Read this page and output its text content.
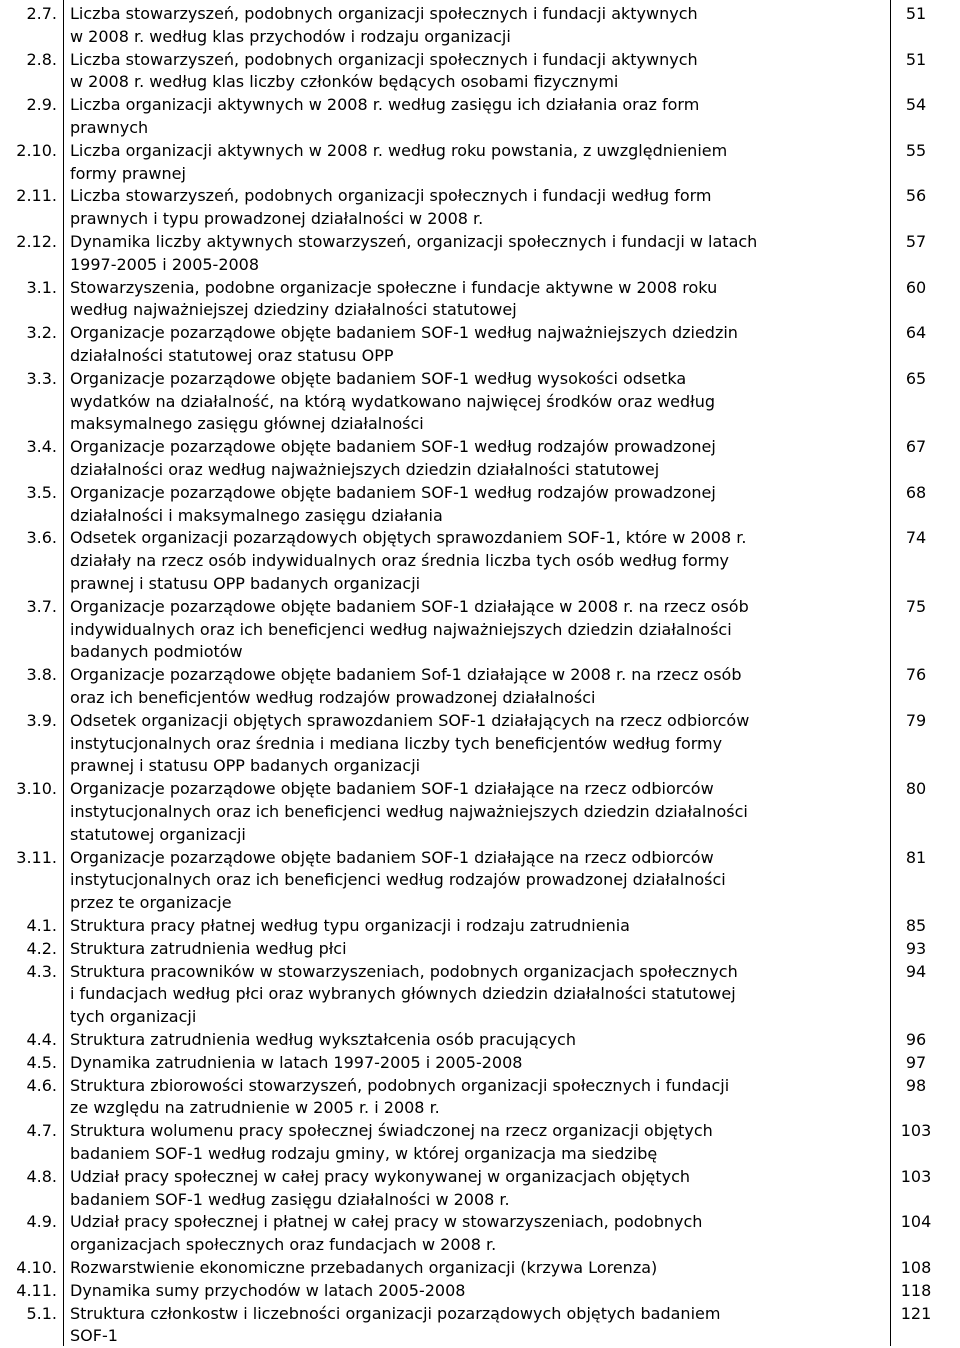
2.7. Liczba stowarzyszeń, podobnych organizacji społecznych i fundacji aktywnych
w 2008 r. według klas przychodów i rodzaju organizacji
51
2.8. Liczba stowarzyszeń, podobnych organizacji społecznych i fundacji aktywnych
w 2008 r. według klas liczby członków będących osobami fizycznymi
51
2.9. Liczba organizacji aktywnych w 2008 r. według zasięgu ich działania oraz form
prawnych
54
2.10. Liczba organizacji aktywnych w 2008 r. według roku powstania, z uwzględnieniem
formy prawnej
55
2.11. Liczba stowarzyszeń, podobnych organizacji społecznych i fundacji według form
prawnych i typu prowadzonej działalności w 2008 r.
56
2.12. Dynamika liczby aktywnych stowarzyszeń, organizacji społecznych i fundacji w latach
1997-2005 i 2005-2008
57
3.1. Stowarzyszenia, podobne organizacje społeczne i fundacje aktywne w 2008 roku
według najważniejszej dziedziny działalności statutowej
60
3.2. Organizacje pozarządowe objęte badaniem SOF-1 według najważniejszych dziedzin
działalności statutowej oraz statusu OPP
64
3.3. Organizacje pozarządowe objęte badaniem SOF-1 według wysokości odsetka
wydatków na działalność, na którą wydatkowano najwięcej środków oraz według
maksymalnego zasięgu głównej działalności
65
3.4. Organizacje pozarządowe objęte badaniem SOF-1 według rodzajów prowadzonej
działalności oraz według najważniejszych dziedzin działalności statutowej
67
3.5. Organizacje pozarządowe objęte badaniem SOF-1 według rodzajów prowadzonej
działalności i maksymalnego zasięgu działania
68
3.6. Odsetek organizacji pozarządowych objętych sprawozdaniem SOF-1, które w 2008 r.
działały na rzecz osób indywidualnych oraz średnia liczba tych osób według formy
prawnej i statusu OPP badanych organizacji
74
3.7. Organizacje pozarządowe objęte badaniem SOF-1 działające w 2008 r. na rzecz osób
indywidualnych oraz ich beneficjenci według najważniejszych dziedzin działalności
badanych podmiotów
75
3.8. Organizacje pozarządowe objęte badaniem Sof-1 działające w 2008 r. na rzecz osób
oraz ich beneficjentów według rodzajów prowadzonej działalności
76
3.9. Odsetek organizacji objętych sprawozdaniem SOF-1 działających na rzecz odbiorców
instytucjonalnych oraz średnia i mediana liczby tych beneficjentów według formy
prawnej i statusu OPP badanych organizacji
79
3.10. Organizacje pozarządowe objęte badaniem SOF-1 działające na rzecz odbiorców
instytucjonalnych oraz ich beneficjenci według najważniejszych dziedzin działalności
statutowej organizacji
80
3.11. Organizacje pozarządowe objęte badaniem SOF-1 działające na rzecz odbiorców
instytucjonalnych oraz ich beneficjenci według rodzajów prowadzonej działalności
przez te organizacje
81
4.1. Struktura pracy płatnej według typu organizacji i rodzaju zatrudnienia	85
4.2. Struktura zatrudnienia według płci	93
4.3. Struktura pracowników w stowarzyszeniach, podobnych organizacjach społecznych
i fundacjach według płci oraz wybranych głównych dziedzin działalności statutowej
tych organizacji
94
4.4. Struktura zatrudnienia według wykształcenia osób pracujących	96
4.5. Dynamika zatrudnienia w latach 1997-2005 i 2005-2008	97
4.6. Struktura zbiorowości stowarzyszeń, podobnych organizacji społecznych i fundacji
ze względu na zatrudnienie w 2005 r. i 2008 r.
98
4.7. Struktura wolumenu pracy społecznej świadczonej na rzecz organizacji objętych
badaniem SOF-1 według rodzaju gminy, w której organizacja ma siedzibę
103
4.8. Udział pracy społecznej w całej pracy wykonywanej w organizacjach objętych
badaniem SOF-1 według zasięgu działalności w 2008 r.
103
4.9. Udział pracy społecznej i płatnej w całej pracy w stowarzyszeniach, podobnych
organizacjach społecznych oraz fundacjach w 2008 r.
104
4.10. Rozwarstwienie ekonomiczne przebadanych organizacji (krzywa Lorenza)	108
4.11. Dynamika sumy przychodów w latach 2005-2008	118
5.1. Struktura członkostw i liczebności organizacji pozarządowych objętych badaniem
SOF-1
121
